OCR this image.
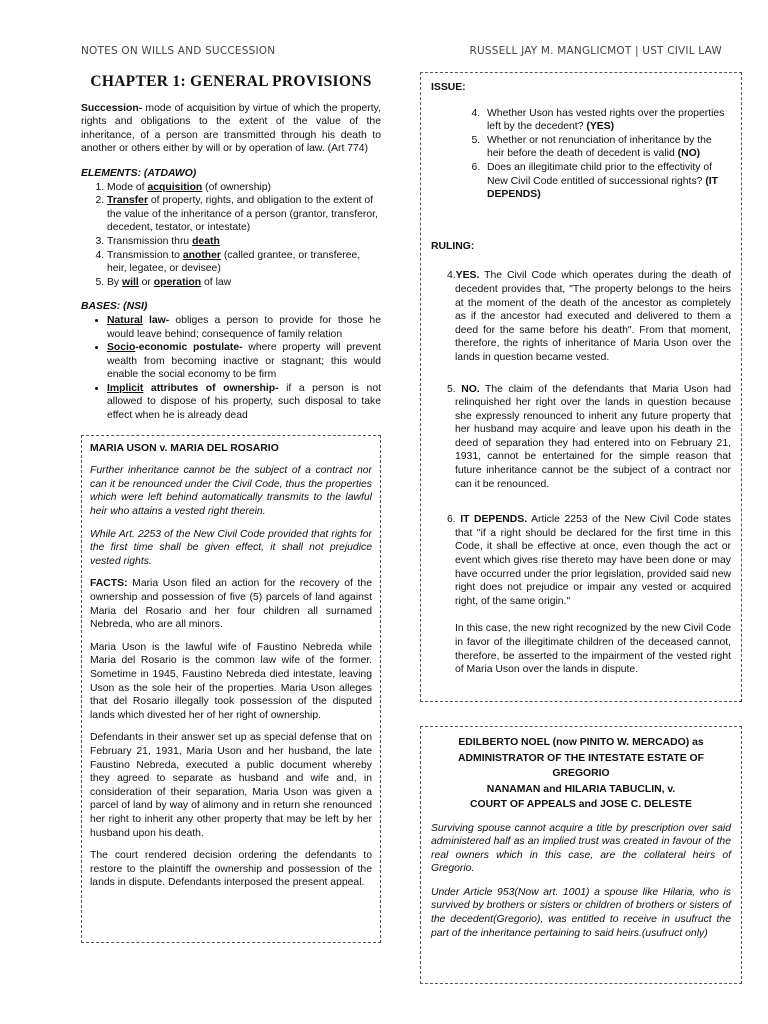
NOTES ON WILLS AND SUCCESSION	RUSSELL JAY M. MANGLICMOT | UST CIVIL LAW
CHAPTER 1: GENERAL PROVISIONS

Succession- mode of acquisition by virtue of which the property, rights and obligations to the extent of the value of the inheritance, of a person are transmitted through his death to another or others either by will or by operation of law. (Art 774)

ELEMENTS: (ATDAWO)
1. Mode of acquisition (of ownership)
2. Transfer of property, rights, and obligation to the extent of the value of the inheritance of a person (grantor, transferor, decedent, testator, or intestate)
3. Transmission thru death
4. Transmission to another (called grantee, or transferee, heir, legatee, or devisee)
5. By will or operation of law
BASES: (NSI)
• Natural law- obliges a person to provide for those he would leave behind; consequence of family relation
• Socio-economic postulate- where property will prevent wealth from becoming inactive or stagnant; this would enable the social economy to be firm
• Implicit attributes of ownership- if a person is not allowed to dispose of his property, such disposal to take effect when he is already dead
MARIA USON v. MARIA DEL ROSARIO

Further inheritance cannot be the subject of a contract nor can it be renounced under the Civil Code, thus the properties which were left behind automatically transmits to the lawful heir who attains a vested right therein.

While Art. 2253 of the New Civil Code provided that rights for the first time shall be given effect, it shall not prejudice vested rights.

FACTS: Maria Uson filed an action for the recovery of the ownership and possession of five (5) parcels of land against Maria del Rosario and her four children all surnamed Nebreda, who are all minors.

Maria Uson is the lawful wife of Faustino Nebreda while Maria del Rosario is the common law wife of the former. Sometime in 1945, Faustino Nebreda died intestate, leaving Uson as the sole heir of the properties. Maria Uson alleges that del Rosario illegally took possession of the disputed lands which divested her of her right of ownership.

Defendants in their answer set up as special defense that on February 21, 1931, Maria Uson and her husband, the late Faustino Nebreda, executed a public document whereby they agreed to separate as husband and wife and, in consideration of their separation, Maria Uson was given a parcel of land by way of alimony and in return she renounced her right to inherit any other property that may be left by her husband upon his death.

The court rendered decision ordering the defendants to restore to the plaintiff the ownership and possession of the lands in dispute. Defendants interposed the present appeal.

ISSUE:
4. Whether Uson has vested rights over the properties left by the decedent? (YES)
5. Whether or not renunciation of inheritance by the heir before the death of decedent is valid (NO)
6. Does an illegitimate child prior to the effectivity of New Civil Code entitled of successional rights? (IT DEPENDS)
RULING:
4.YES. The Civil Code which operates during the death of decedent provides that, "The property belongs to the heirs at the moment of the death of the ancestor as completely as if the ancestor had executed and delivered to them a deed for the same before his death". From that moment, therefore, the rights of inheritance of Maria Uson over the lands in question became vested.
5. NO. The claim of the defendants that Maria Uson had relinquished her right over the lands in question because she expressly renounced to inherit any future property that her husband may acquire and leave upon his death in the deed of separation they had entered into on February 21, 1931, cannot be entertained for the simple reason that future inheritance cannot be the subject of a contract nor can it be renounced.
6. IT DEPENDS. Article 2253 of the New Civil Code states that "if a right should be declared for the first time in this Code, it shall be effective at once, even though the act or event which gives rise thereto may have been done or may have occurred under the prior legislation, provided said new right does not prejudice or impair any vested or acquired right, of the same origin."

In this case, the new right recognized by the new Civil Code in favor of the illegitimate children of the deceased cannot, therefore, be asserted to the impairment of the vested right of Maria Uson over the lands in dispute.

EDILBERTO NOEL (now PINITO W. MERCADO) as
ADMINISTRATOR OF THE INTESTATE ESTATE OF GREGORIO
NANAMAN and HILARIA TABUCLIN, v.
COURT OF APPEALS and JOSE C. DELESTE

Surviving spouse cannot acquire a title by prescription over said administered half as an implied trust was created in favour of the real owners which in this case, are the collateral heirs of Gregorio.

Under Article 953(Now art. 1001) a spouse like Hilaria, who is survived by brothers or sisters or children of brothers or sisters of the decedent(Gregorio), was entitled to receive in usufruct the part of the inheritance pertaining to said heirs.(usufruct only)
